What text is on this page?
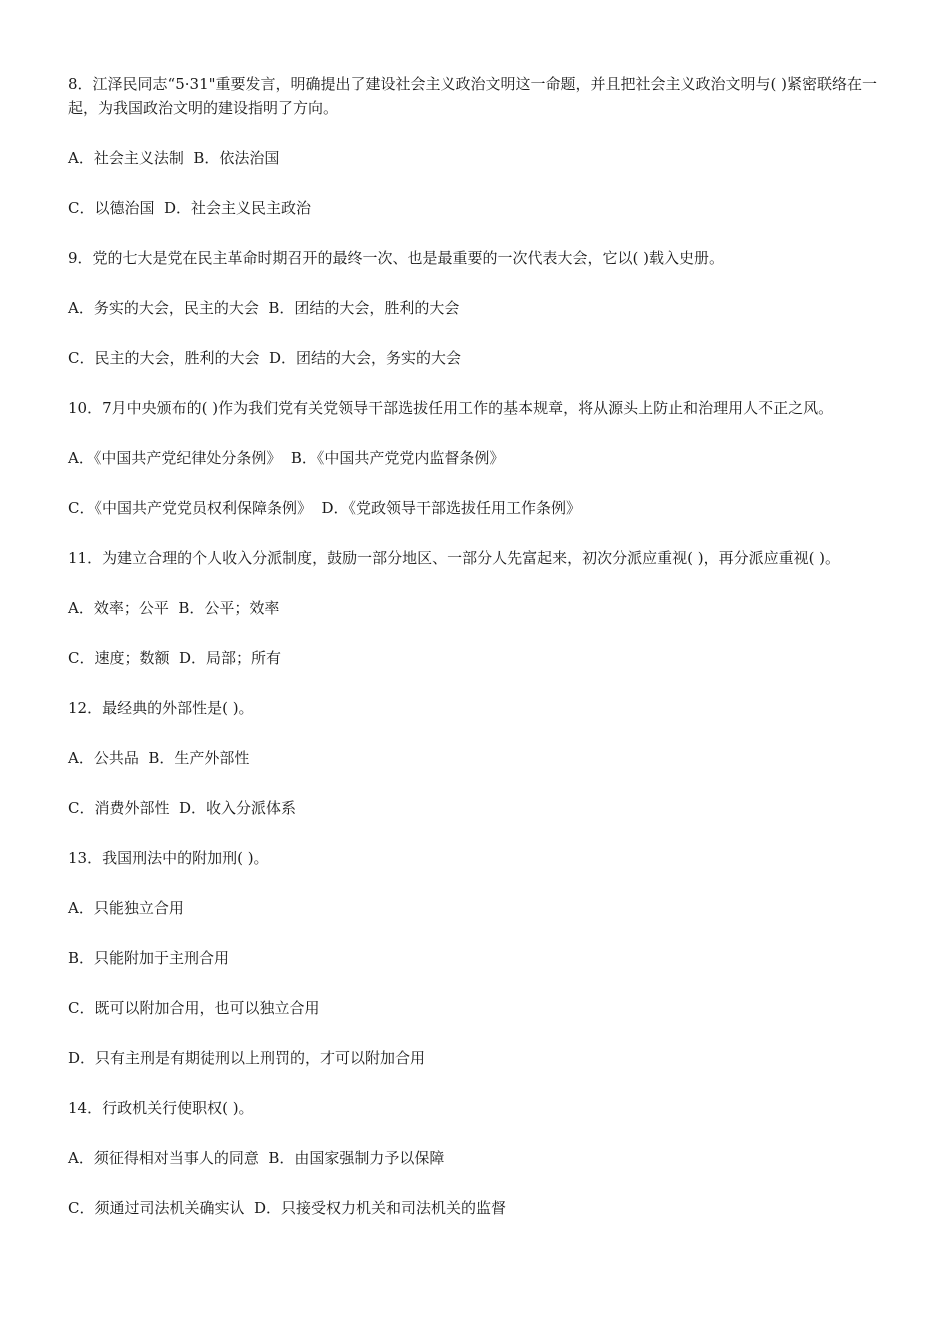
8．江泽民同志“5·31"重要发言，明确提出了建设社会主义政治文明这一命题，并且把社会主义政治文明与( )紧密联络在一起，为我国政治文明的建设指明了方向。

A．社会主义法制  B．依法治国

C．以德治国  D．社会主义民主政治

9．党的七大是党在民主革命时期召开的最终一次、也是最重要的一次代表大会，它以( )载入史册。

A．务实的大会，民主的大会  B．团结的大会，胜利的大会

C．民主的大会，胜利的大会  D．团结的大会，务实的大会

10．7月中央颁布的( )作为我们党有关党领导干部选拔任用工作的基本规章，将从源头上防止和治理用人不正之风。

A．《中国共产党纪律处分条例》  B．《中国共产党党内监督条例》

C．《中国共产党党员权利保障条例》  D．《党政领导干部选拔任用工作条例》

11．为建立合理的个人收入分派制度，鼓励一部分地区、一部分人先富起来，初次分派应重视( )，再分派应重视( )。

A．效率；公平  B．公平；效率

C．速度；数额  D．局部；所有

12．最经典的外部性是( )。

A．公共品  B．生产外部性

C．消费外部性  D．收入分派体系

13．我国刑法中的附加刑( )。

A．只能独立合用

B．只能附加于主刑合用

C．既可以附加合用，也可以独立合用

D．只有主刑是有期徒刑以上刑罚的，才可以附加合用

14．行政机关行使职权( )。

A．须征得相对当事人的同意  B．由国家强制力予以保障

C．须通过司法机关确实认  D．只接受权力机关和司法机关的监督
